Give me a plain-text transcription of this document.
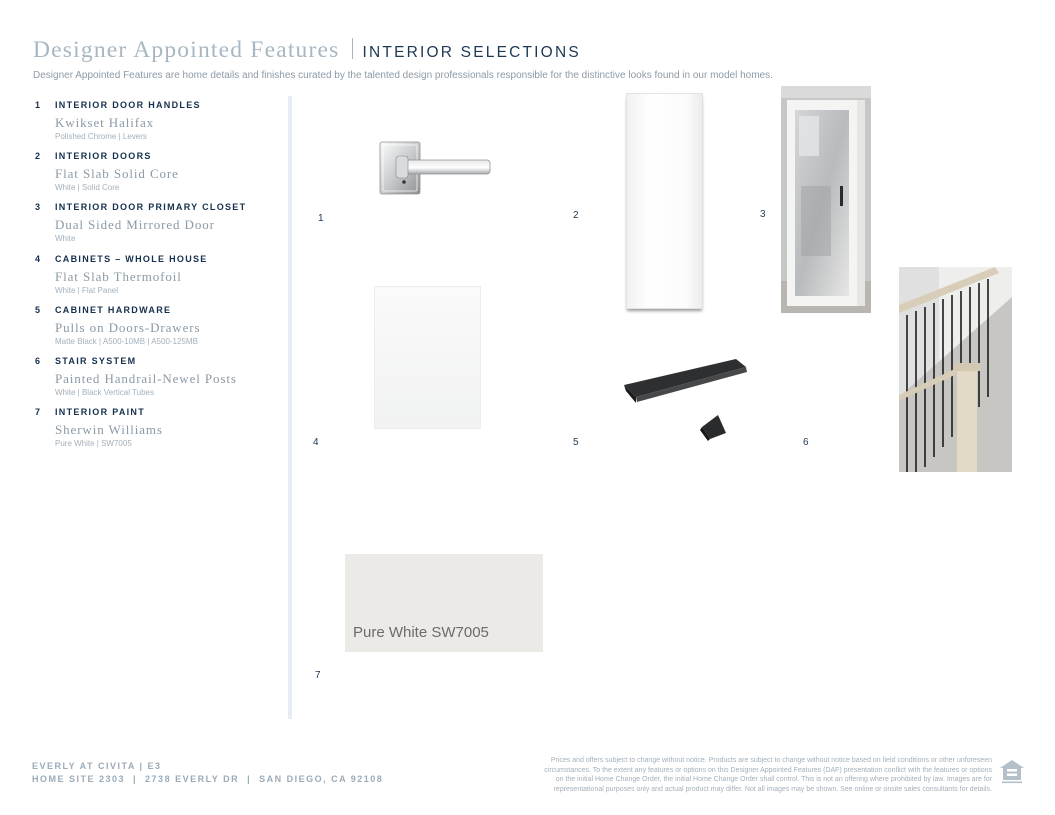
Designer Appointed Features INTERIOR SELECTIONS
Designer Appointed Features are home details and finishes curated by the talented design professionals responsible for the distinctive looks found in our model homes.
1	INTERIOR DOOR HANDLES
Kwikset Halifax
Polished Chrome | Levers
2	INTERIOR DOORS
Flat Slab Solid Core
White | Solid Core
3	INTERIOR DOOR PRIMARY CLOSET
Dual Sided Mirrored Door
White
4	CABINETS – WHOLE HOUSE
Flat Slab Thermofoil
White | Flat Panel
5	CABINET HARDWARE
Pulls on Doors-Drawers
Matte Black | A500-10MB | A500-125MB
6	STAIR SYSTEM
Painted Handrail-Newel Posts
White | Black Vertical Tubes
7	INTERIOR PAINT
Sherwin Williams
Pure White | SW7005
Pure White SW7005
1	2	3
4	5	6
7
EVERLY AT CIVITA | E3
HOME SITE 2303  |  2738 EVERLY DR  |  SAN DIEGO, CA 92108
Prices and offers subject to change without notice. Products are subject to change without notice based on field conditions or other unforeseen circumstances. To the extent any features or options on this Designer Appointed Features (DAF) presentation conflict with the features or options on the initial Home Change Order, the initial Home Change Order shall control. This is not an offering where prohibited by law. Images are for representational purposes only and actual product may differ. Not all images may be shown. See online or onsite sales consultants for details.
